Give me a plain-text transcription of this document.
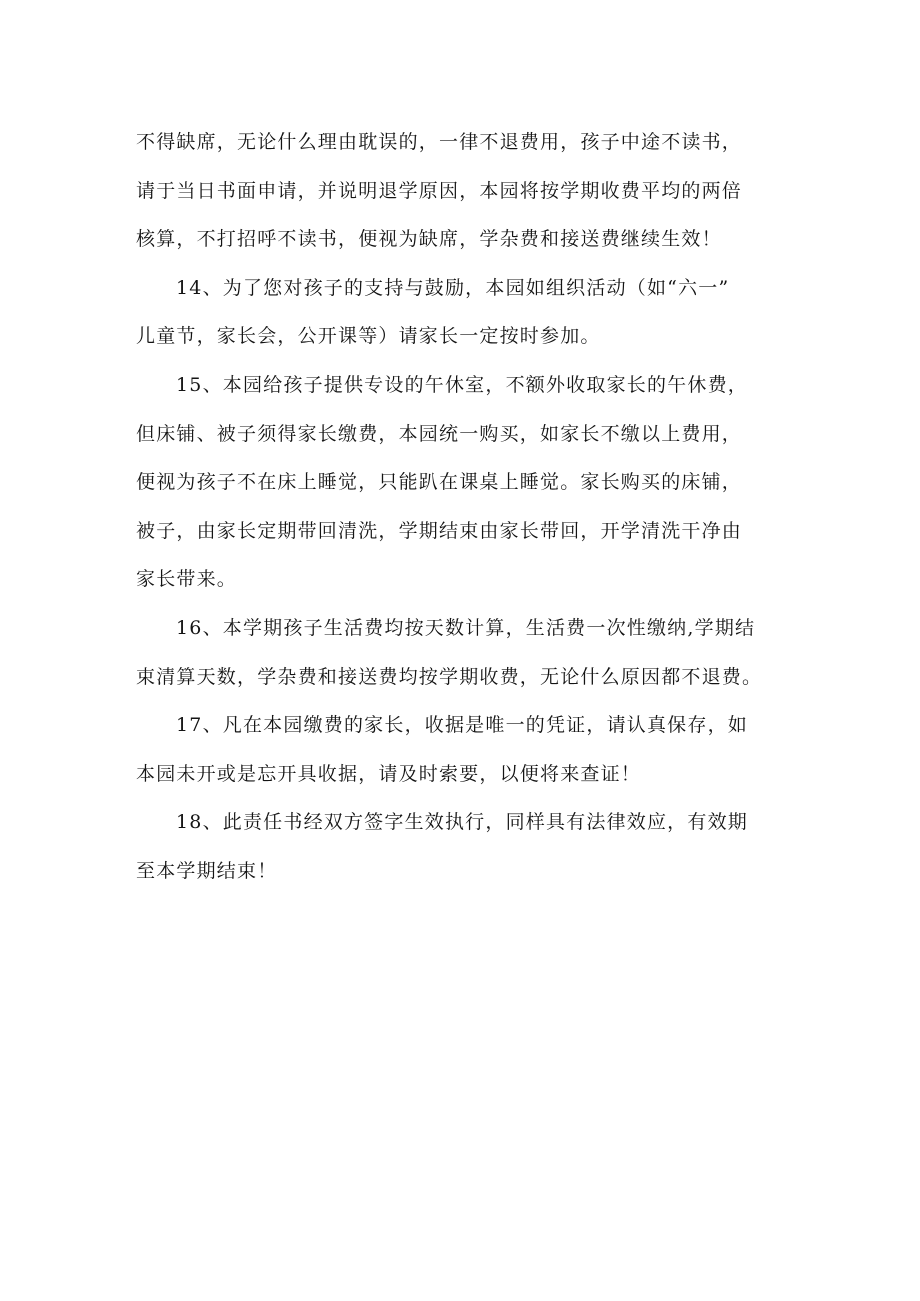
不得缺席，无论什么理由耽误的，一律不退费用，孩子中途不读书，
请于当日书面申请，并说明退学原因，本园将按学期收费平均的两倍
核算，不打招呼不读书，便视为缺席，学杂费和接送费继续生效！
14、为了您对孩子的支持与鼓励，本园如组织活动（如“六一”
儿童节，家长会，公开课等）请家长一定按时参加。
15、本园给孩子提供专设的午休室，不额外收取家长的午休费，
但床铺、被子须得家长缴费，本园统一购买，如家长不缴以上费用，
便视为孩子不在床上睡觉，只能趴在课桌上睡觉。家长购买的床铺，
被子，由家长定期带回清洗，学期结束由家长带回，开学清洗干净由
家长带来。
16、本学期孩子生活费均按天数计算，生活费一次性缴纳,学期结
束清算天数，学杂费和接送费均按学期收费，无论什么原因都不退费。
17、凡在本园缴费的家长，收据是唯一的凭证，请认真保存，如
本园未开或是忘开具收据，请及时索要，以便将来查证！
18、此责任书经双方签字生效执行，同样具有法律效应，有效期
至本学期结束！
